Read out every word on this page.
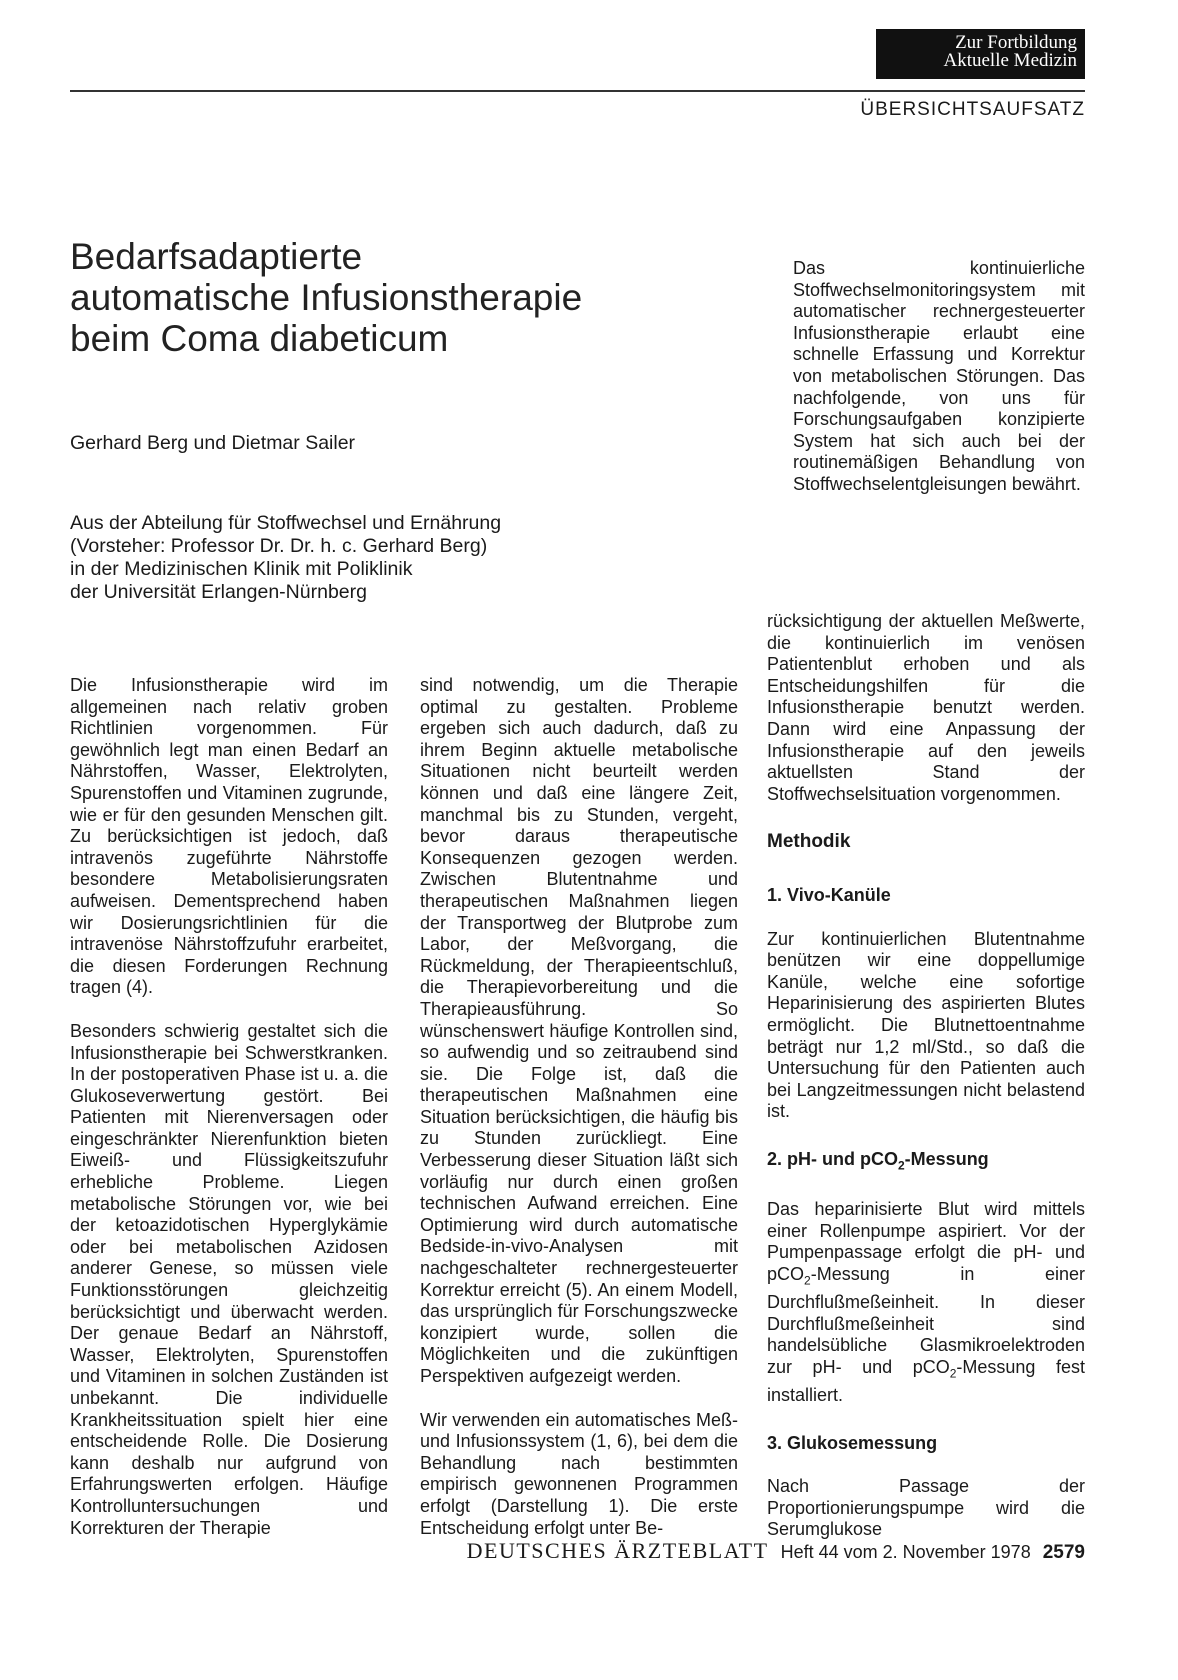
Zur Fortbildung
Aktuelle Medizin
ÜBERSICHTSAUFSATZ
Bedarfsadaptierte
automatische Infusionstherapie
beim Coma diabeticum
Gerhard Berg und Dietmar Sailer
Aus der Abteilung für Stoffwechsel und Ernährung
(Vorsteher: Professor Dr. Dr. h. c. Gerhard Berg)
in der Medizinischen Klinik mit Poliklinik
der Universität Erlangen-Nürnberg
Das kontinuierliche Stoffwechselmonitoringsystem mit automatischer rechnergesteuerter Infusionstherapie erlaubt eine schnelle Erfassung und Korrektur von metabolischen Störungen. Das nachfolgende, von uns für Forschungsaufgaben konzipierte System hat sich auch bei der routinemäßigen Behandlung von Stoffwechselentgleisungen bewährt.

Die Infusionstherapie wird im allgemeinen nach relativ groben Richtlinien vorgenommen. Für gewöhnlich legt man einen Bedarf an Nährstoffen, Wasser, Elektrolyten, Spurenstoffen und Vitaminen zugrunde, wie er für den gesunden Menschen gilt. Zu berücksichtigen ist jedoch, daß intravenös zugeführte Nährstoffe besondere Metabolisierungsraten aufweisen. Dementsprechend haben wir Dosierungsrichtlinien für die intravenöse Nährstoffzufuhr erarbeitet, die diesen Forderungen Rechnung tragen (4).

Besonders schwierig gestaltet sich die Infusionstherapie bei Schwerstkranken. In der postoperativen Phase ist u. a. die Glukoseverwertung gestört. Bei Patienten mit Nierenversagen oder eingeschränkter Nierenfunktion bieten Eiweiß- und Flüssigkeitszufuhr erhebliche Probleme. Liegen metabolische Störungen vor, wie bei der ketoazidotischen Hyperglykämie oder bei metabolischen Azidosen anderer Genese, so müssen viele Funktionsstörungen gleichzeitig berücksichtigt und überwacht werden. Der genaue Bedarf an Nährstoff, Wasser, Elektrolyten, Spurenstoffen und Vitaminen in solchen Zuständen ist unbekannt. Die individuelle Krankheitssituation spielt hier eine entscheidende Rolle. Die Dosierung kann deshalb nur aufgrund von Erfahrungswerten erfolgen. Häufige Kontrolluntersuchungen und Korrekturen der Therapie

sind notwendig, um die Therapie optimal zu gestalten. Probleme ergeben sich auch dadurch, daß zu ihrem Beginn aktuelle metabolische Situationen nicht beurteilt werden können und daß eine längere Zeit, manchmal bis zu Stunden, vergeht, bevor daraus therapeutische Konsequenzen gezogen werden. Zwischen Blutentnahme und therapeutischen Maßnahmen liegen der Transportweg der Blutprobe zum Labor, der Meßvorgang, die Rückmeldung, der Therapieentschluß, die Therapievorbereitung und die Therapieausführung. So wünschenswert häufige Kontrollen sind, so aufwendig und so zeitraubend sind sie. Die Folge ist, daß die therapeutischen Maßnahmen eine Situation berücksichtigen, die häufig bis zu Stunden zurückliegt. Eine Verbesserung dieser Situation läßt sich vorläufig nur durch einen großen technischen Aufwand erreichen. Eine Optimierung wird durch automatische Bedside-in-vivo-Analysen mit nachgeschalteter rechnergesteuerter Korrektur erreicht (5). An einem Modell, das ursprünglich für Forschungszwecke konzipiert wurde, sollen die Möglichkeiten und die zukünftigen Perspektiven aufgezeigt werden.

Wir verwenden ein automatisches Meß- und Infusionssystem (1, 6), bei dem die Behandlung nach bestimmten empirisch gewonnenen Programmen erfolgt (Darstellung 1). Die erste Entscheidung erfolgt unter Be-

rücksichtigung der aktuellen Meßwerte, die kontinuierlich im venösen Patientenblut erhoben und als Entscheidungshilfen für die Infusionstherapie benutzt werden. Dann wird eine Anpassung der Infusionstherapie auf den jeweils aktuellsten Stand der Stoffwechselsituation vorgenommen.

Methodik
1. Vivo-Kanüle

Zur kontinuierlichen Blutentnahme benützen wir eine doppellumige Kanüle, welche eine sofortige Heparinisierung des aspirierten Blutes ermöglicht. Die Blutnettoentnahme beträgt nur 1,2 ml/Std., so daß die Untersuchung für den Patienten auch bei Langzeitmessungen nicht belastend ist.

2. pH- und pCO$_2$-Messung

Das heparinisierte Blut wird mittels einer Rollenpumpe aspiriert. Vor der Pumpenpassage erfolgt die pH- und pCO$_2$-Messung in einer Durchflußmeßeinheit. In dieser Durchflußmeßeinheit sind handelsübliche Glasmikroelektroden zur pH- und pCO$_2$-Messung fest installiert.

3. Glukosemessung

Nach Passage der Proportionierungspumpe wird die Serumglukose

DEUTSCHES ÄRZTEBLATT Heft 44 vom 2. November 1978 2579
